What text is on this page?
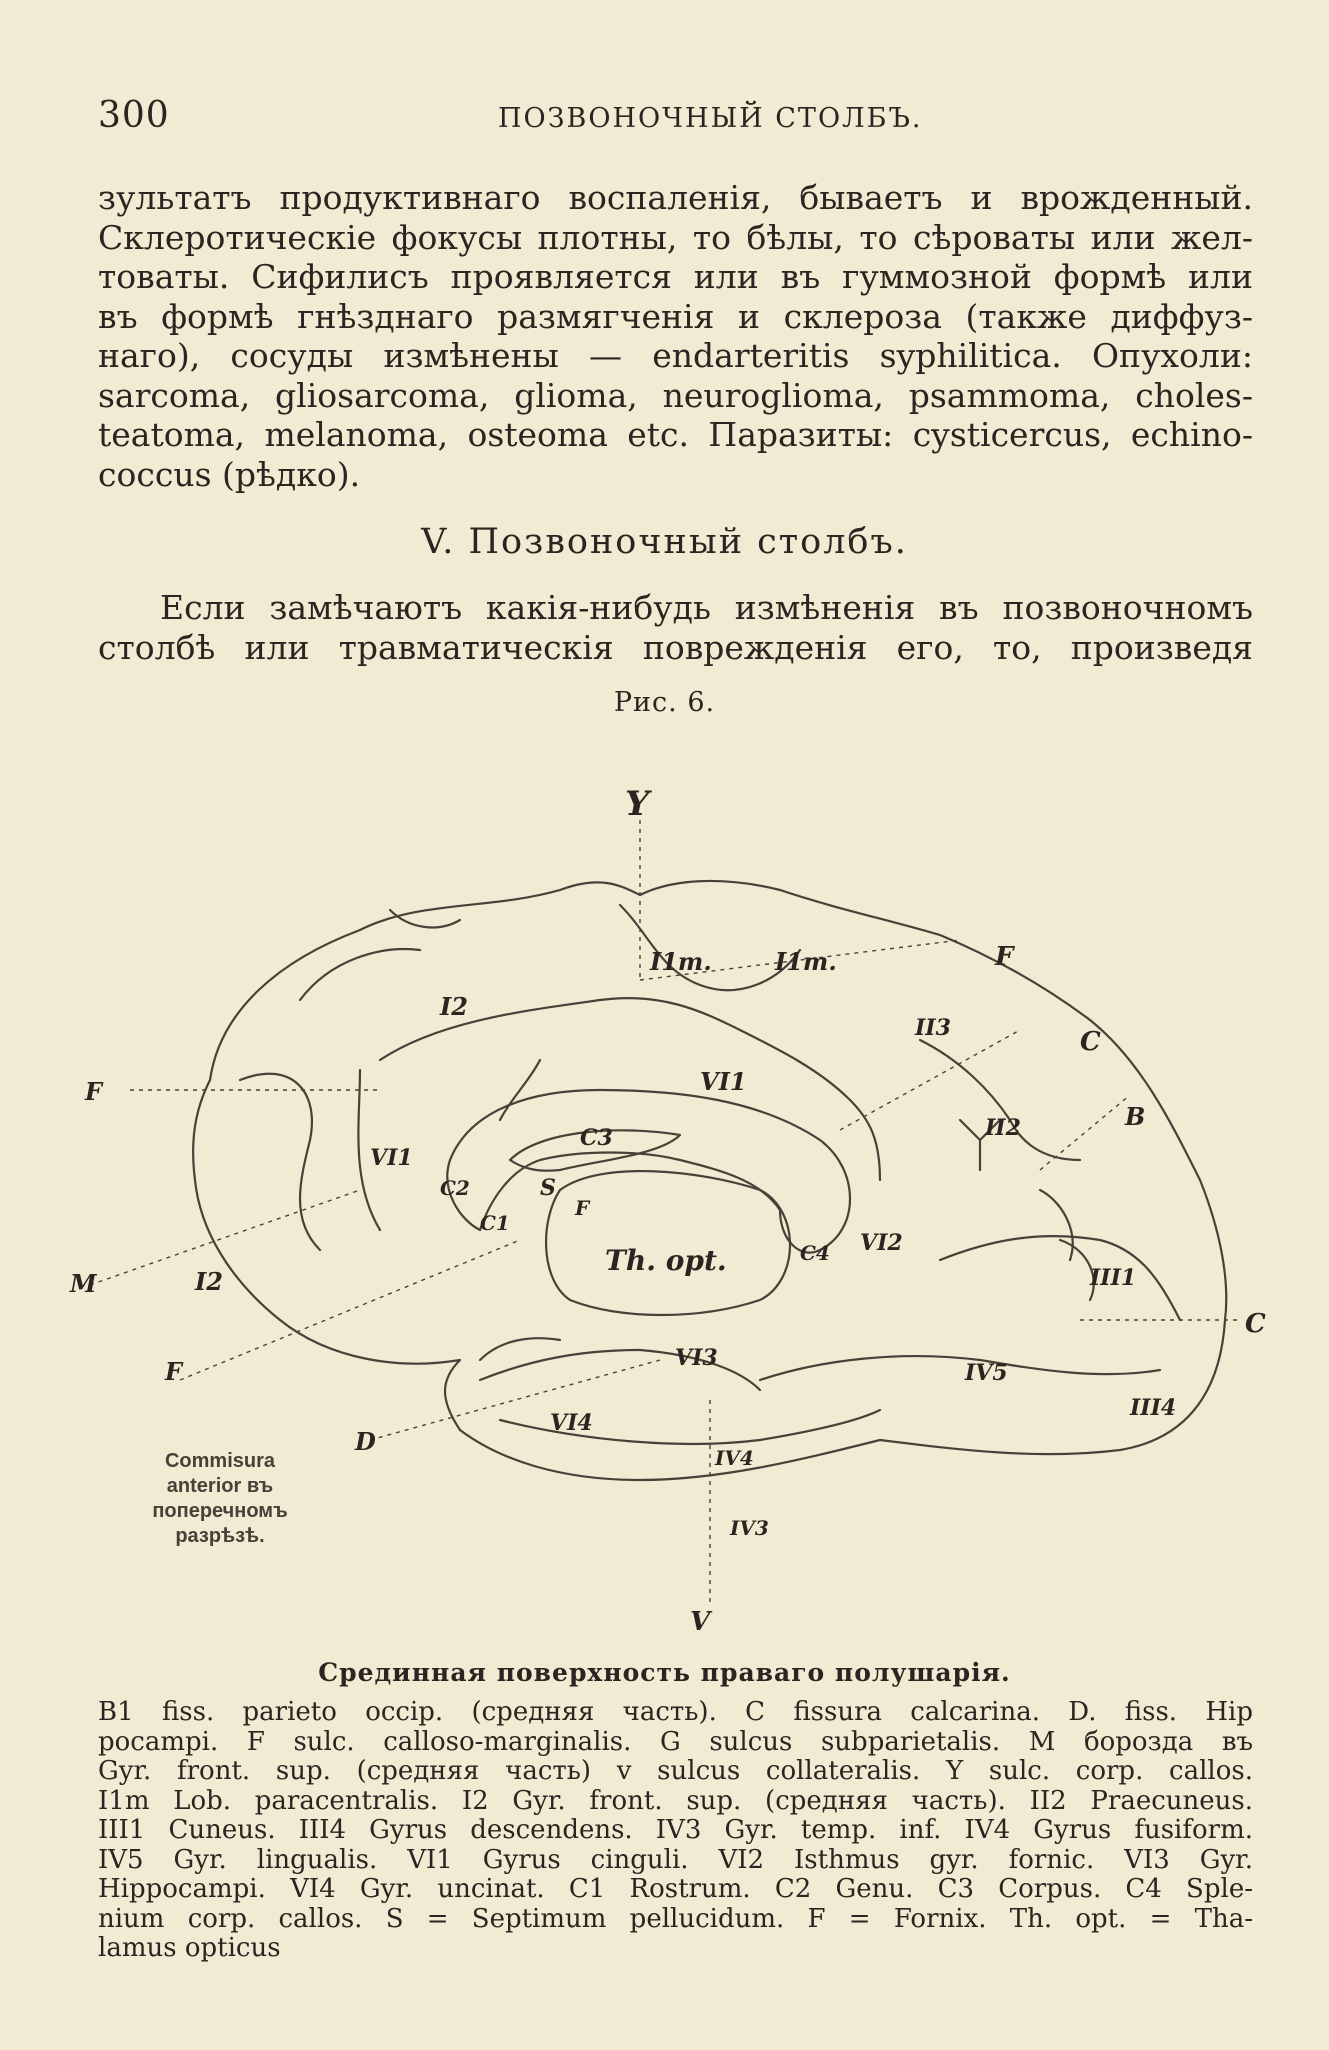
300	ПОЗВОНОЧНЫЙ СТОЛБЪ.
зультатъ продуктивнаго воспаленія, бываетъ и врожденный.
Склеротическіе фокусы плотны, то бѣлы, то сѣроваты или жел-
товаты. Сифилисъ проявляется или въ гуммозной формѣ или
въ формѣ гнѣзднаго размягченія и склероза (также диффуз-
наго), сосуды измѣнены — endarteritis syphilitica. Опухоли:
sarcoma, gliosarcoma, glioma, neuroglioma, psammoma, choles-
teatoma, melanoma, osteoma etc. Паразиты: cysticercus, echino-
coccus (рѣдко).
V. Позвоночный столбъ.
Если замѣчаютъ какія-нибудь измѣненія въ позвоночномъ
столбѣ или травматическія поврежденія его, то, произведя
Рис. 6.
Y
F
C
B
C
F
M
F
D
V
I1m.	I1m.
I2
II3
II2
VI1
VI1
C3
C2	S
F
C1
Th. opt.	C4 VI2
I2	III1
VI3
IV5
III4
VI4
IV4
IV3
Commisura
anterior въ
поперечномъ
разрѣзѣ.
Срединная поверхность праваго полушарія.
B1 fiss. parieto occip. (средняя часть). C fissura calcarina. D. fiss. Hip
pocampi. F sulc. calloso-marginalis. G sulcus subparietalis. M борозда въ
Gyr. front. sup. (средняя часть) v sulcus collateralis. Y sulc. corp. callos.
I1m Lob. paracentralis. I2 Gyr. front. sup. (средняя часть). II2 Praecuneus.
III1 Cuneus. III4 Gyrus descendens. IV3 Gyr. temp. inf. IV4 Gyrus fusiform.
IV5 Gyr. lingualis. VI1 Gyrus cinguli. VI2 Isthmus gyr. fornic. VI3 Gyr.
Hippocampi. VI4 Gyr. uncinat. C1 Rostrum. C2 Genu. C3 Corpus. C4 Sple-
nium corp. callos. S = Septimum pellucidum. F = Fornix. Th. opt. = Tha-
lamus opticus
